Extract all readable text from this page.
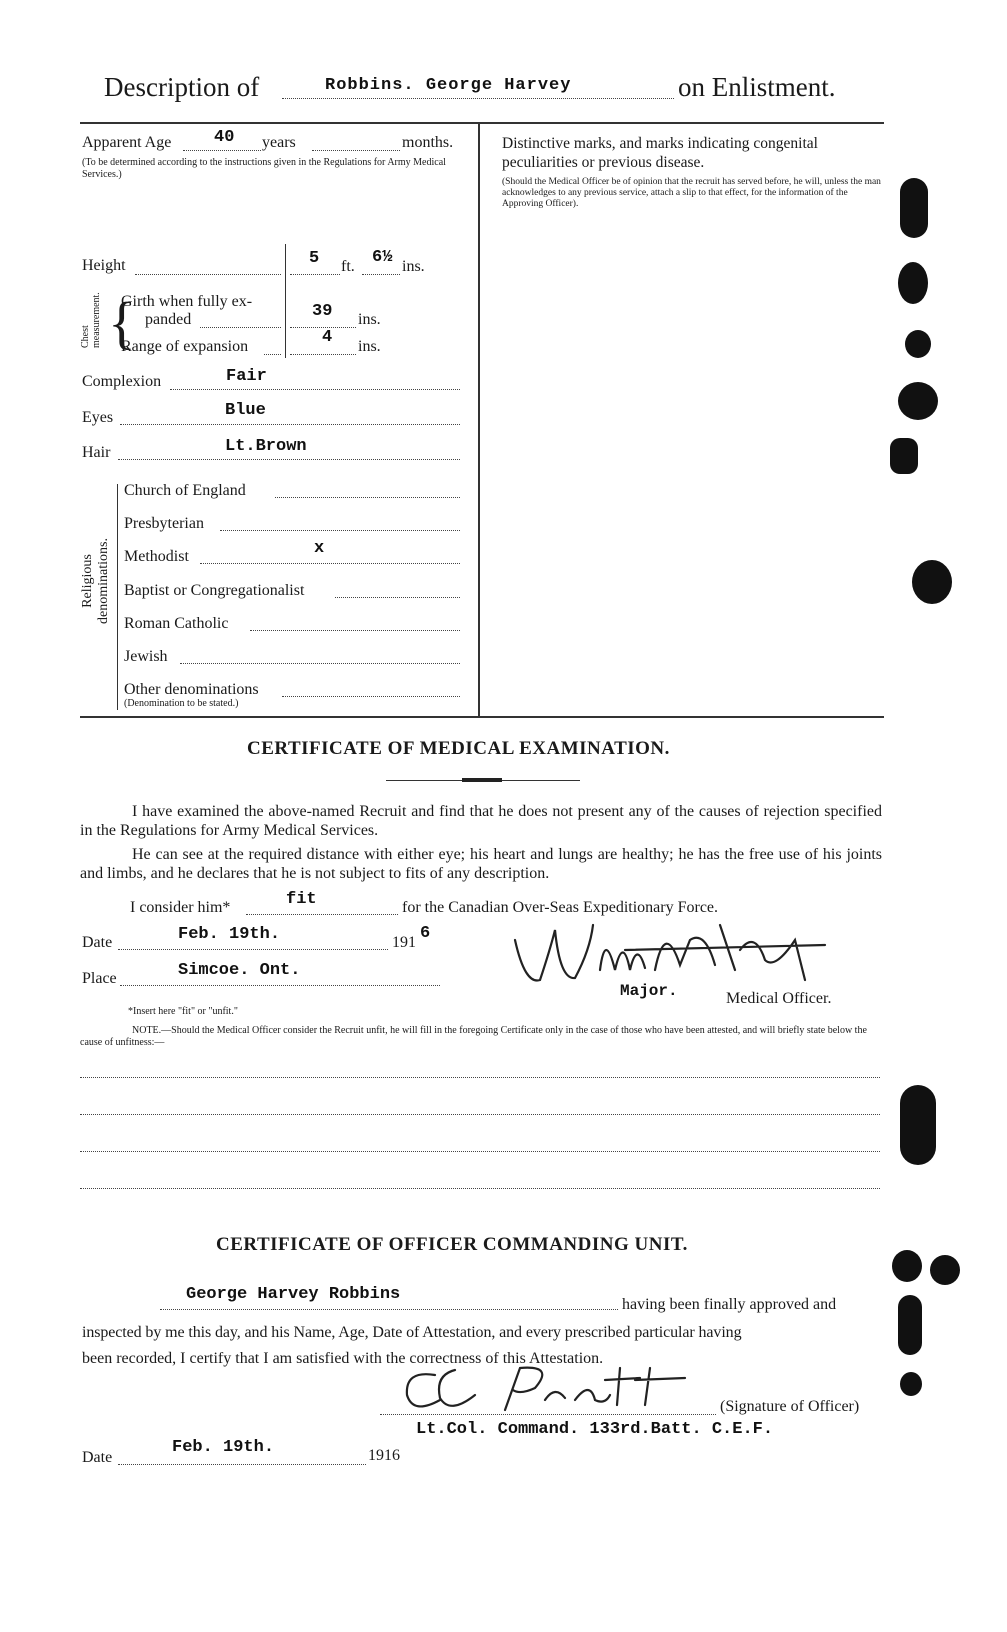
Description of	Robbins. George Harvey	on Enlistment.
Apparent Age	40 years	months.
(To be determined according to the instructions given in the Regulations for Army Medical Services.)
Height	5 ft. 6½ ins.
Chest measurement. {
Girth when fully ex-
panded	39 ins.
Range of expansion	4 ins.
Complexion	Fair
Eyes	Blue
Hair	Lt.Brown
Religious denominations.
Church of England
Presbyterian
Methodist	x
Baptist or Congregationalist
Roman Catholic
Jewish
Other denominations
(Denomination to be stated.)
Distinctive marks, and marks indicating congenital peculiarities or previous disease.
(Should the Medical Officer be of opinion that the recruit has served before, he will, unless the man acknowledges to any previous service, attach a slip to that effect, for the information of the Approving Officer).
CERTIFICATE OF MEDICAL EXAMINATION.
I have examined the above-named Recruit and find that he does not present any of the causes of rejection specified in the Regulations for Army Medical Services.
He can see at the required distance with either eye; his heart and lungs are healthy; he has the free use of his joints and limbs, and he declares that he is not subject to fits of any description.
I consider him*	fit	for the Canadian Over-Seas Expeditionary Force.
Date	Feb. 19th.	191 6
Place	Simcoe. Ont.
Major.	Medical Officer.
*Insert here "fit" or "unfit."
NOTE.—Should the Medical Officer consider the Recruit unfit, he will fill in the foregoing Certificate only in the case of those who have been attested, and will briefly state below the cause of unfitness:—
CERTIFICATE OF OFFICER COMMANDING UNIT.
George Harvey Robbins
having been finally approved and
inspected by me this day, and his Name, Age, Date of Attestation, and every prescribed particular having
been recorded, I certify that I am satisfied with the correctness of this Attestation.
(Signature of Officer)
Lt.Col. Command. 133rd.Batt. C.E.F.
Date
Feb. 19th.	1916
